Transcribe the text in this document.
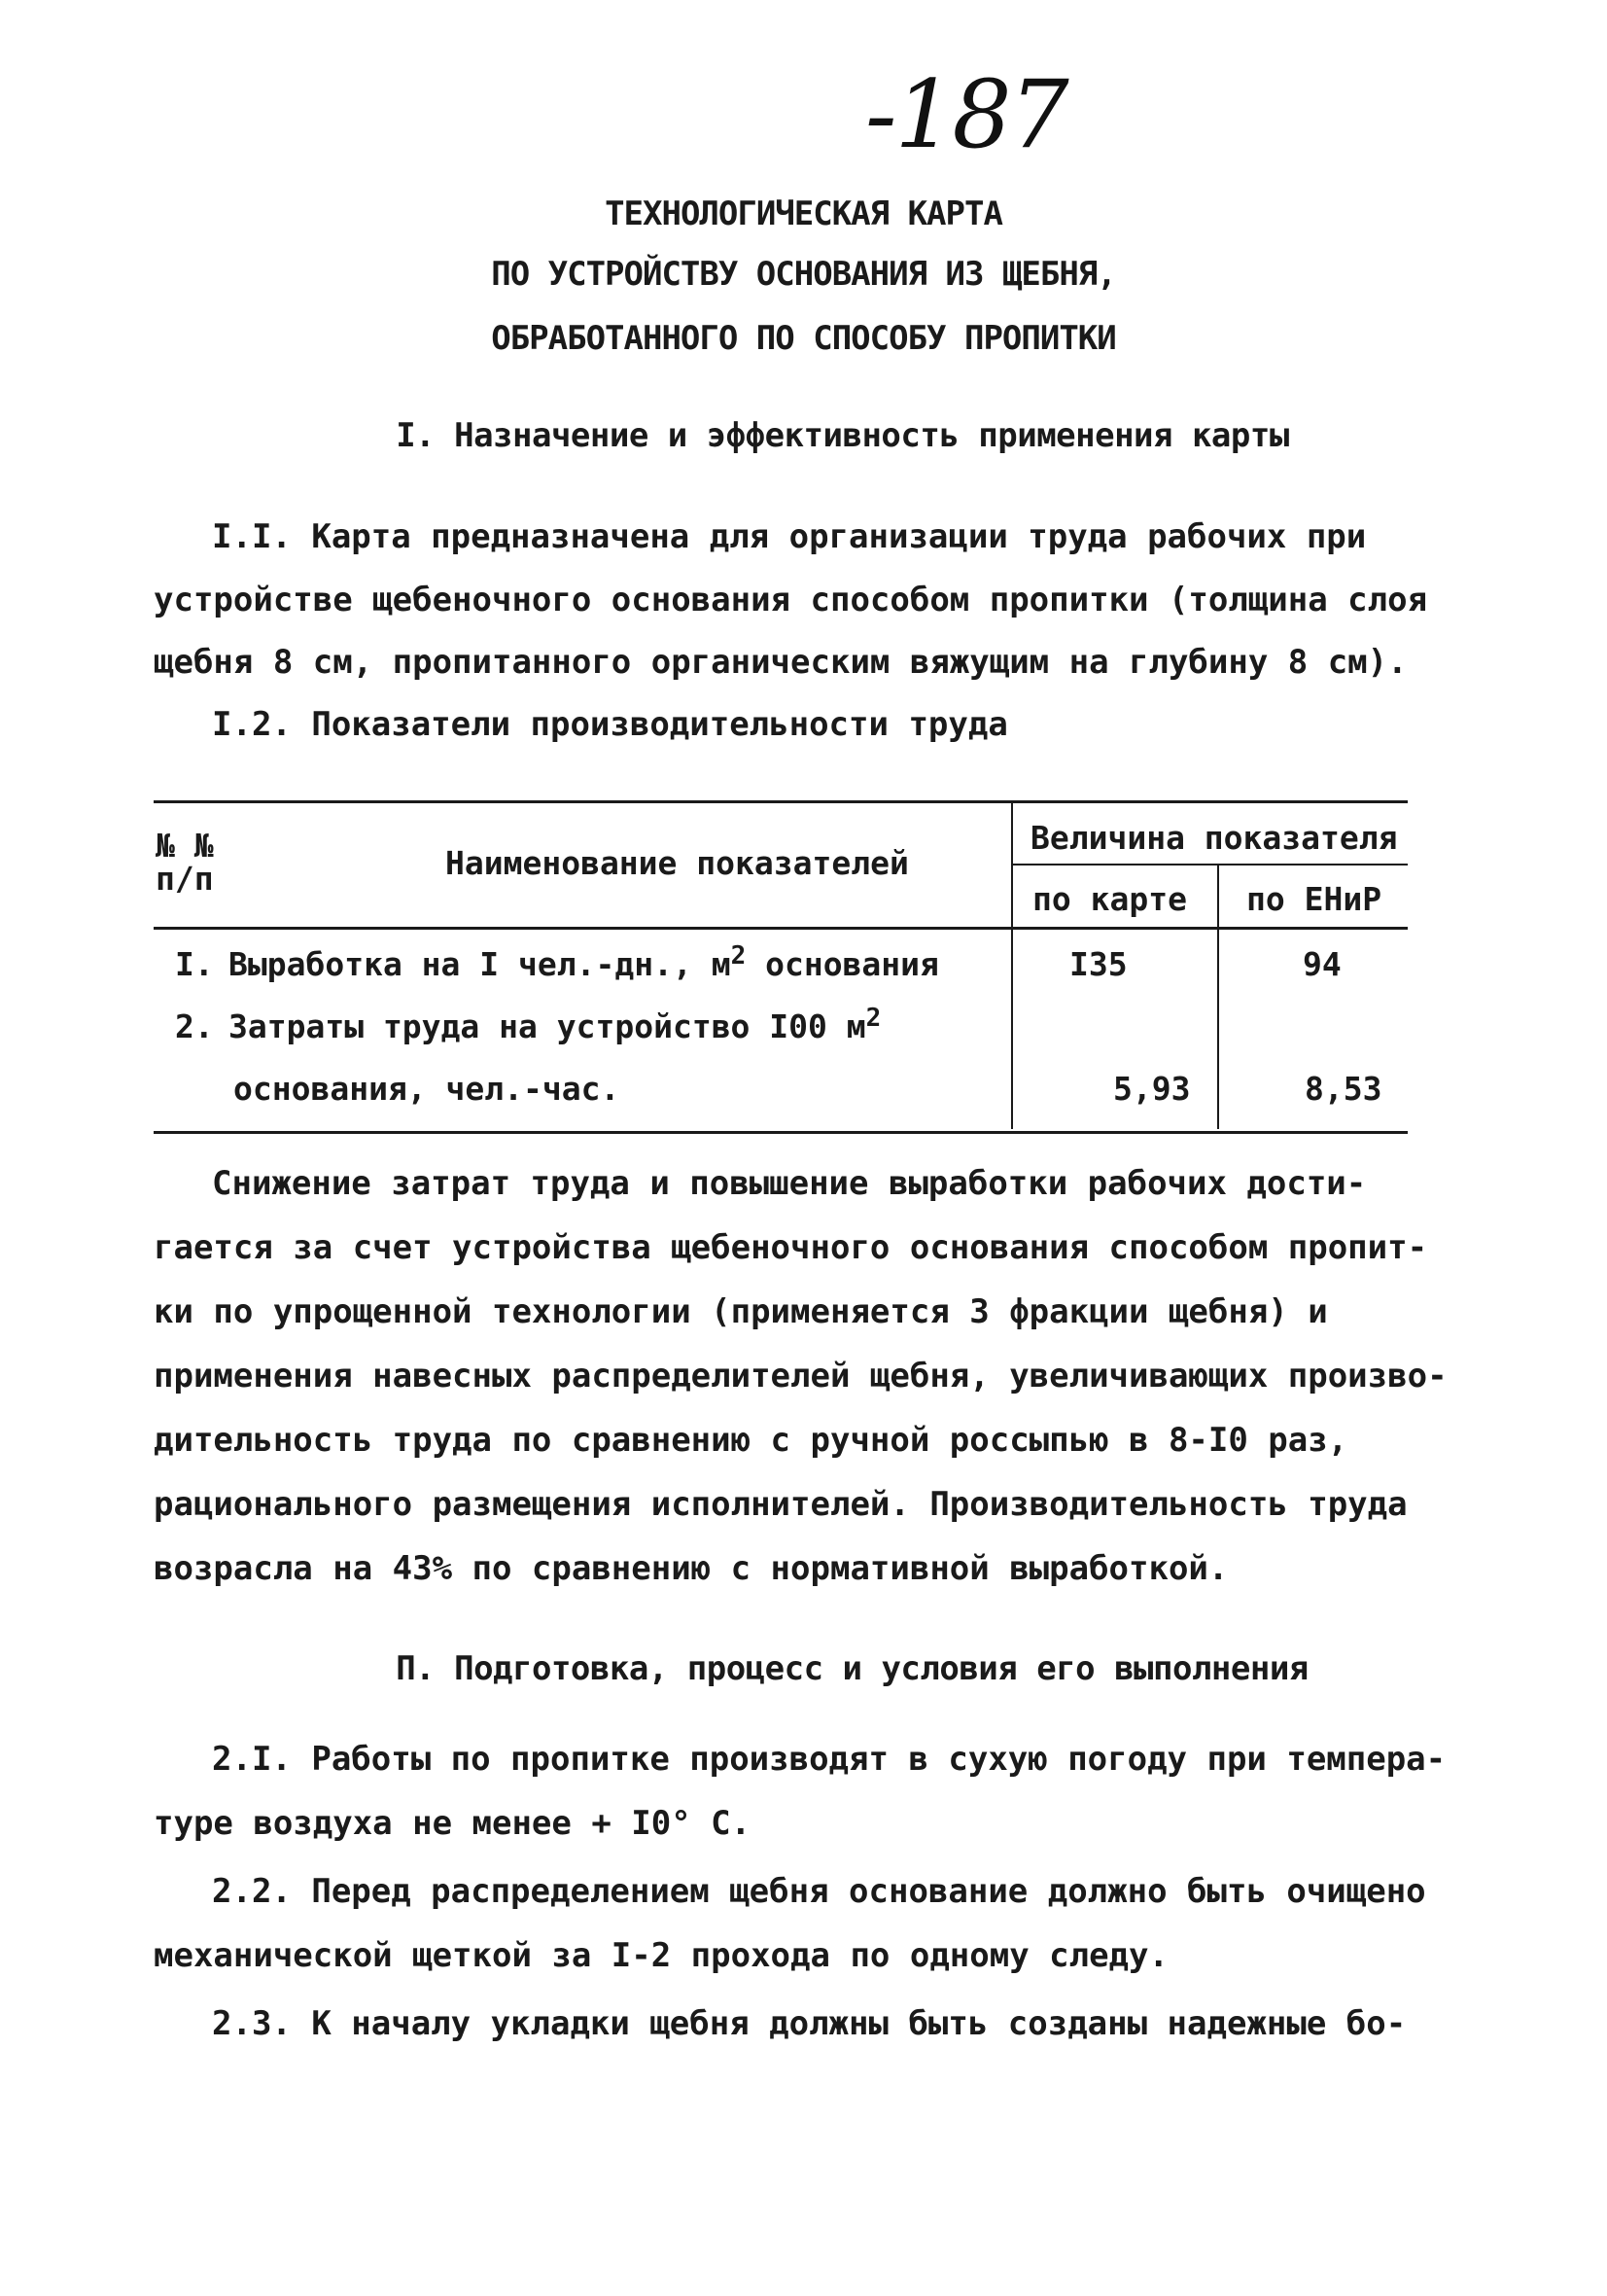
-187
ТЕХНОЛОГИЧЕСКАЯ КАРТА
ПО УСТРОЙСТВУ ОСНОВАНИЯ ИЗ ЩЕБНЯ,
ОБРАБОТАННОГО ПО СПОСОБУ ПРОПИТКИ
I. Назначение и эффективность применения карты
I.I. Карта предназначена для организации труда рабочих при
устройстве щебеночного основания способом пропитки (толщина слоя
щебня 8 см, пропитанного органическим вяжущим на глубину 8 см).
I.2. Показатели производительности труда
№ №
п/п	Наименование показателей
Величина показателя
по карте по ЕНиР
I. Выработка на I чел.-дн., $м^2$ основания	I35	94
2. Затраты труда на устройство I00 $м^2$
основания, чел.-час.	5,93	8,53
Снижение затрат труда и повышение выработки рабочих дости-
гается за счет устройства щебеночного основания способом пропит-
ки по упрощенной технологии (применяется 3 фракции щебня) и
применения навесных распределителей щебня, увеличивающих произво-
дительность труда по сравнению с ручной россыпью в 8-I0 раз,
рационального размещения исполнителей. Производительность труда
возрасла на 43% по сравнению с нормативной выработкой.
П. Подготовка, процесс и условия его выполнения
2.I. Работы по пропитке производят в сухую погоду при темпера-
туре воздуха не менее + I0° С.
2.2. Перед распределением щебня основание должно быть очищено
механической щеткой за I-2 прохода по одному следу.
2.3. К началу укладки щебня должны быть созданы надежные бо-
